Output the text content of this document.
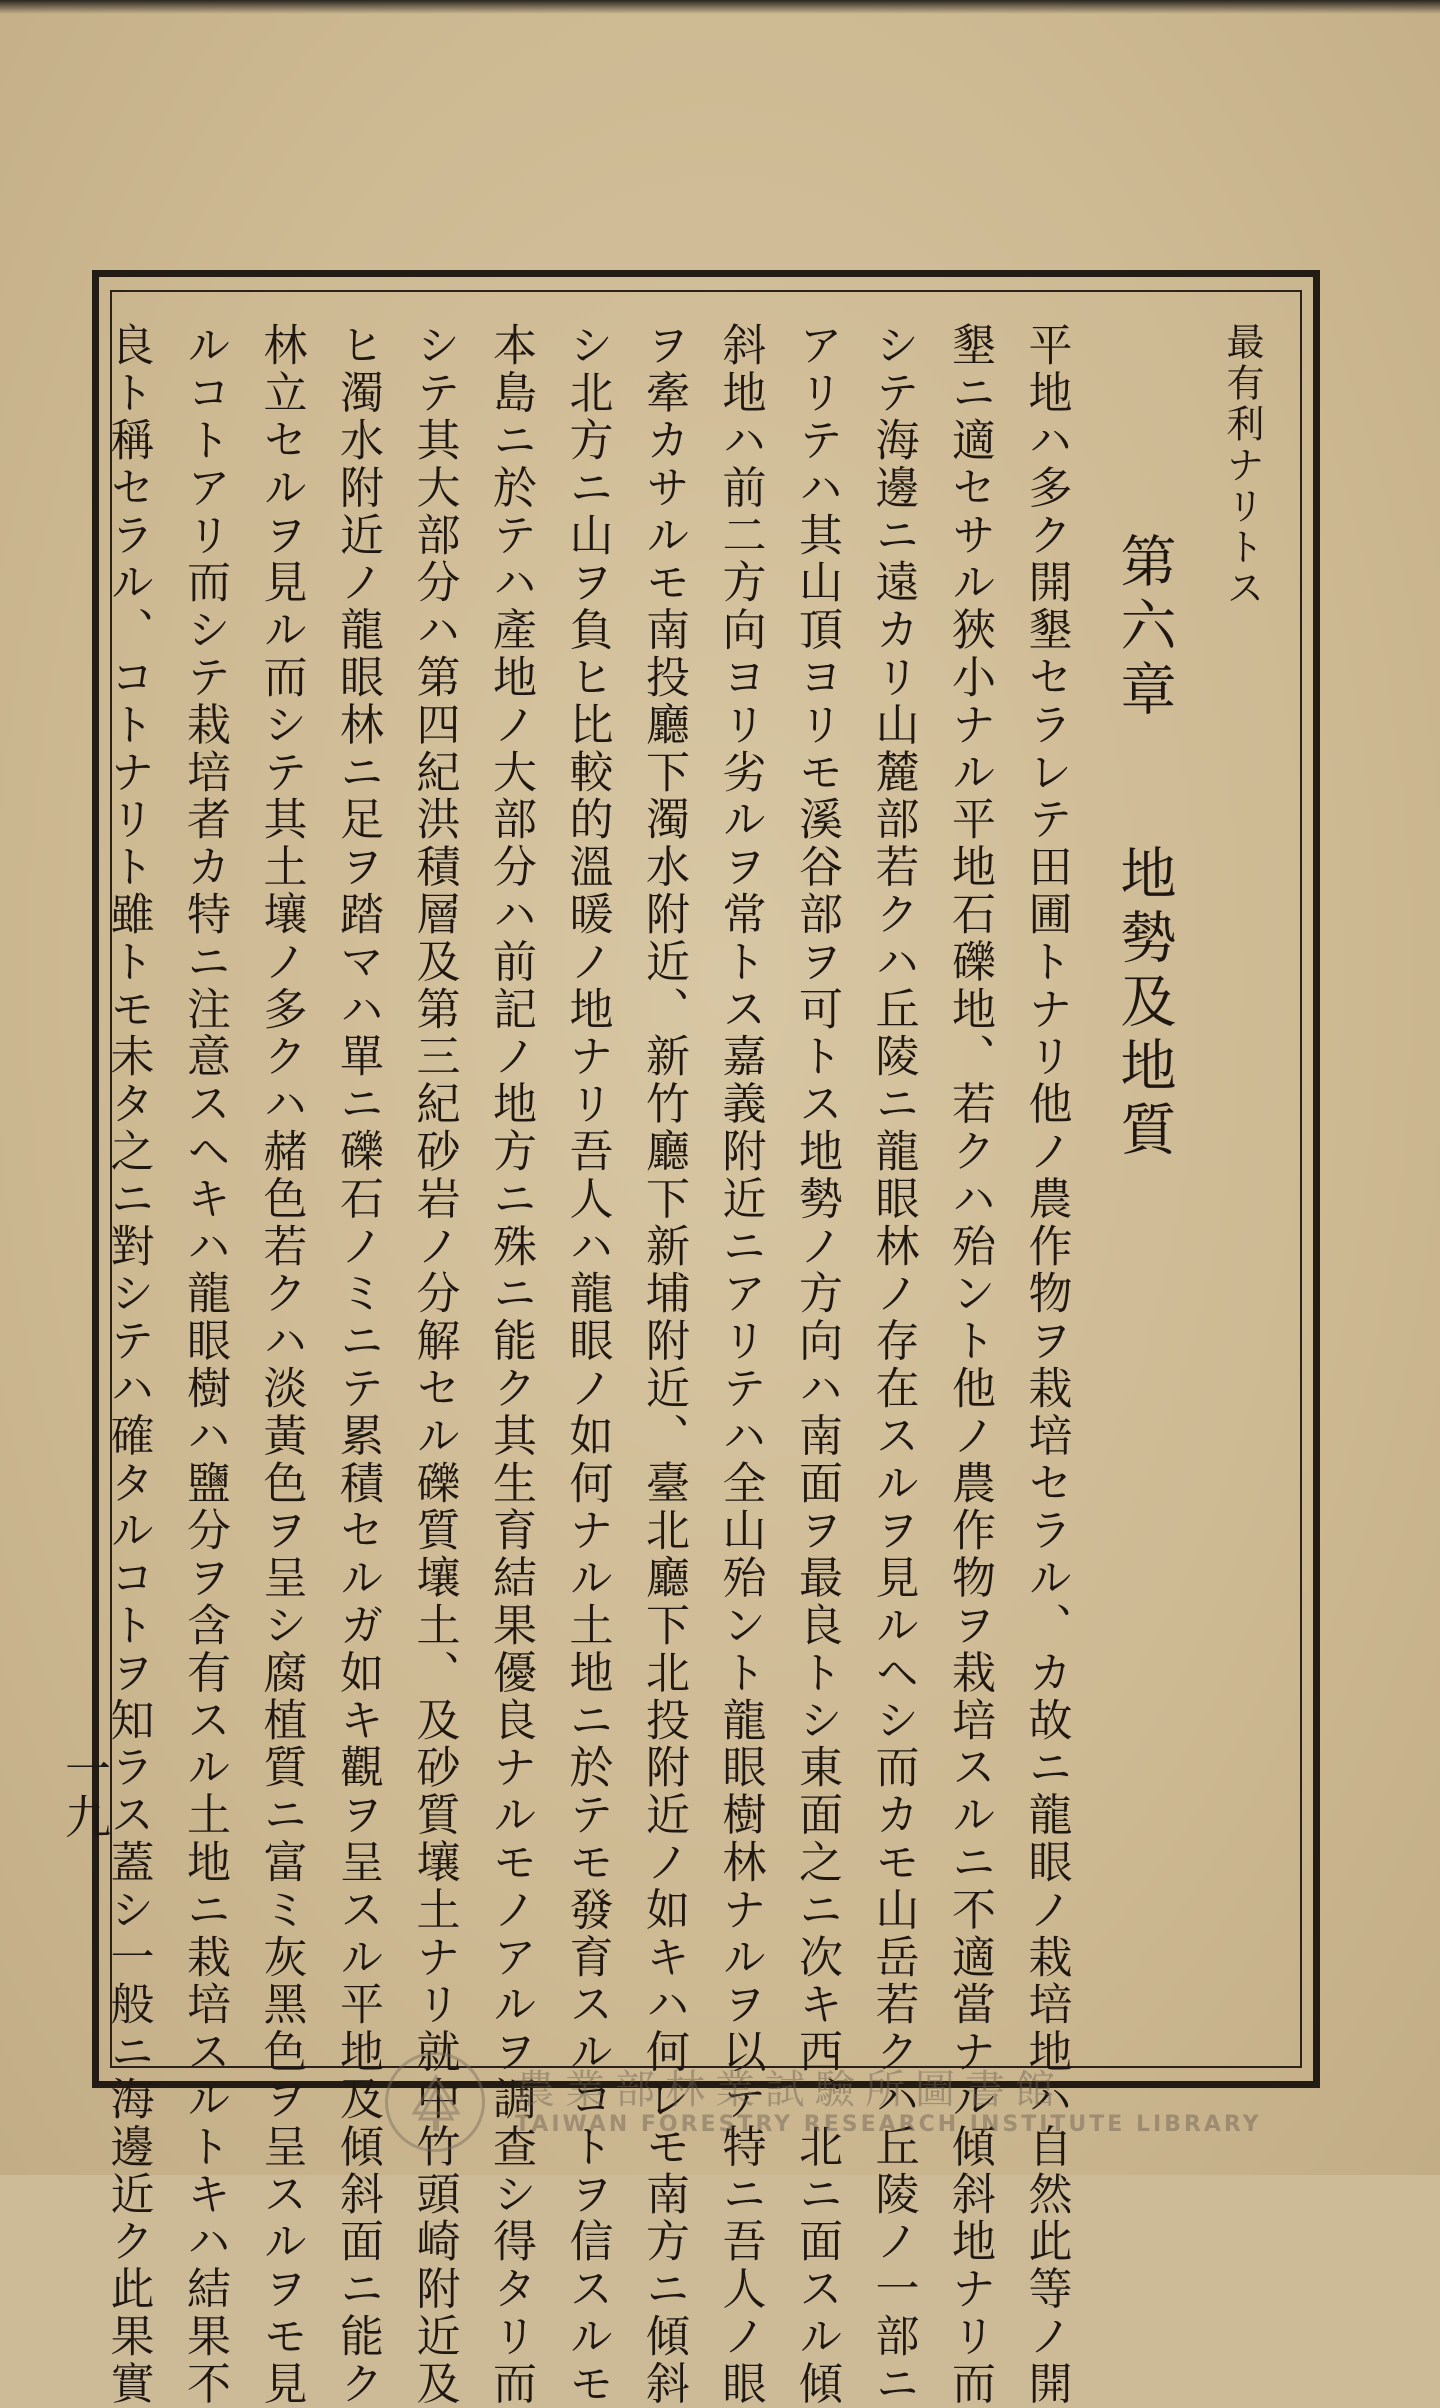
最有利ナリトス
第六章地勢及地質
平地ハ多ク開墾セラレテ田圃トナリ他ノ農作物ヲ栽培セラル、カ故ニ龍眼ノ栽培地ハ自然此等ノ開
墾ニ適セサル狹小ナル平地石礫地、若クハ殆ント他ノ農作物ヲ栽培スルニ不適當ナル傾斜地ナリ而
シテ海邊ニ遠カリ山麓部若クハ丘陵ニ龍眼林ノ存在スルヲ見ルヘシ而カモ山岳若クハ丘陵ノ一部ニ
アリテハ其山頂ヨリモ溪谷部ヲ可トス地勢ノ方向ハ南面ヲ最良トシ東面之ニ次キ西、北ニ面スル傾
斜地ハ前二方向ヨリ劣ルヲ常トス嘉義附近ニアリテハ全山殆ント龍眼樹林ナルヲ以テ特ニ吾人ノ眼
ヲ牽カサルモ南投廳下濁水附近、新竹廳下新埔附近、臺北廳下北投附近ノ如キハ何レモ南方ニ傾斜
シ北方ニ山ヲ負ヒ比較的溫暖ノ地ナリ吾人ハ龍眼ノ如何ナル土地ニ於テモ發育スルコトヲ信スルモ
本島ニ於テハ產地ノ大部分ハ前記ノ地方ニ殊ニ能ク其生育結果優良ナルモノアルヲ調查シ得タリ而
シテ其大部分ハ第四紀洪積層及第三紀砂岩ノ分解セル礫質壤土、及砂質壤土ナリ就中竹頭崎附近及
ヒ濁水附近ノ龍眼林ニ足ヲ踏マハ單ニ礫石ノミニテ累積セルガ如キ觀ヲ呈スル平地及傾斜面ニ能ク
林立セルヲ見ル而シテ其土壤ノ多クハ赭色若クハ淡黃色ヲ呈シ腐植質ニ富ミ灰黑色ヲ呈スルヲモ見
ルコトアリ而シテ栽培者カ特ニ注意スヘキハ龍眼樹ハ鹽分ヲ含有スル土地ニ栽培スルトキハ結果不
良ト稱セラル、コトナリト雖トモ未タ之ニ對シテハ確タルコトヲ知ラス蓋シ一般ニ海邊近ク此果實
一九
農業部林業試驗所圖書館
TAIWAN FORESTRY RESEARCH INSTITUTE LIBRARY
